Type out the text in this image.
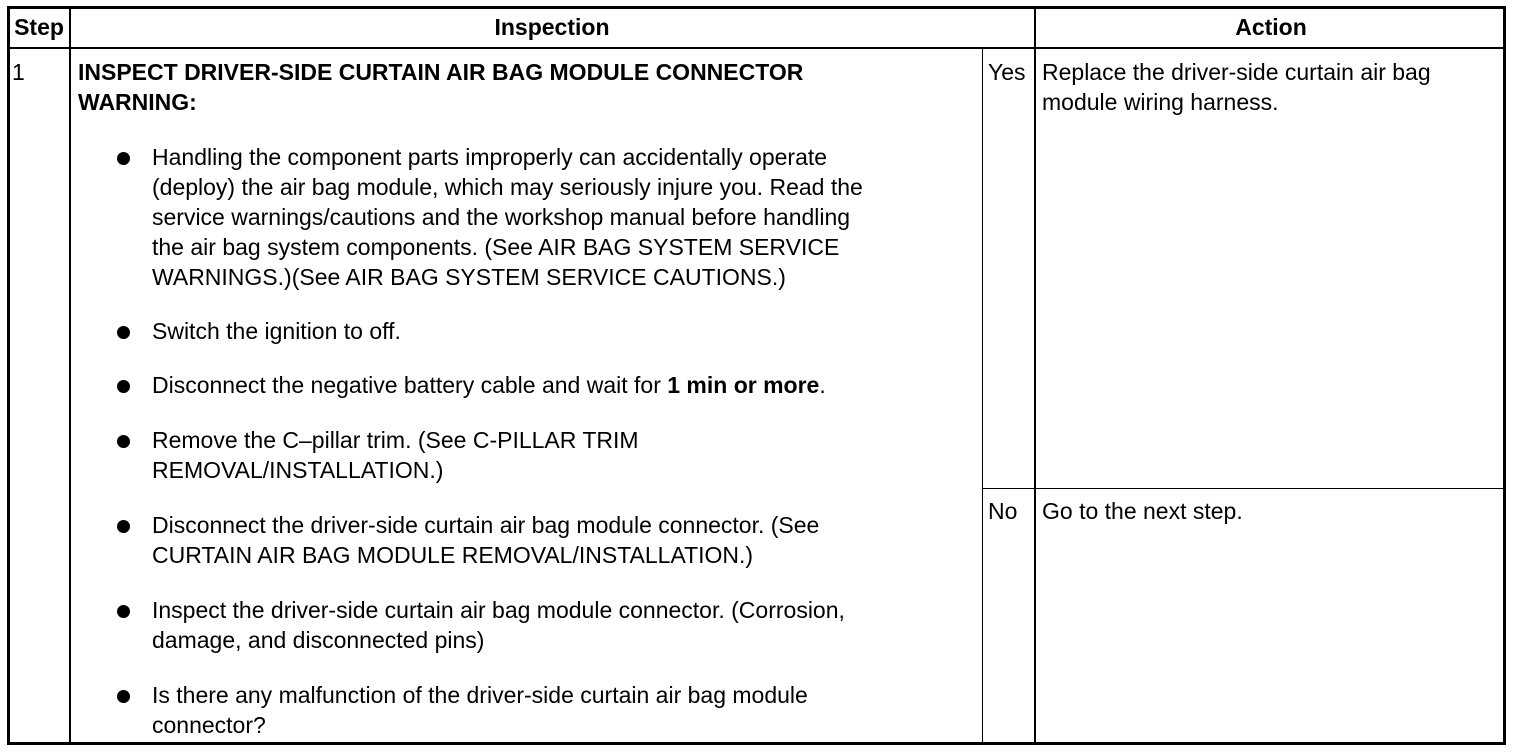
Step	Inspection	Action
1 INSPECT DRIVER-SIDE CURTAIN AIR BAG MODULE CONNECTOR
WARNING:
Handling the component parts improperly can accidentally operate
(deploy) the air bag module, which may seriously injure you. Read the
service warnings/cautions and the workshop manual before handling
the air bag system components. (See AIR BAG SYSTEM SERVICE
WARNINGS.)(See AIR BAG SYSTEM SERVICE CAUTIONS.)
Switch the ignition to off.
Disconnect the negative battery cable and wait for 1 min or more.
Remove the C–pillar trim. (See C-PILLAR TRIM
REMOVAL/INSTALLATION.)
Disconnect the driver-side curtain air bag module connector. (See
CURTAIN AIR BAG MODULE REMOVAL/INSTALLATION.)
Inspect the driver-side curtain air bag module connector. (Corrosion,
damage, and disconnected pins)
Is there any malfunction of the driver-side curtain air bag module
connector?
Yes Replace the driver-side curtain air bag
module wiring harness.
No Go to the next step.
